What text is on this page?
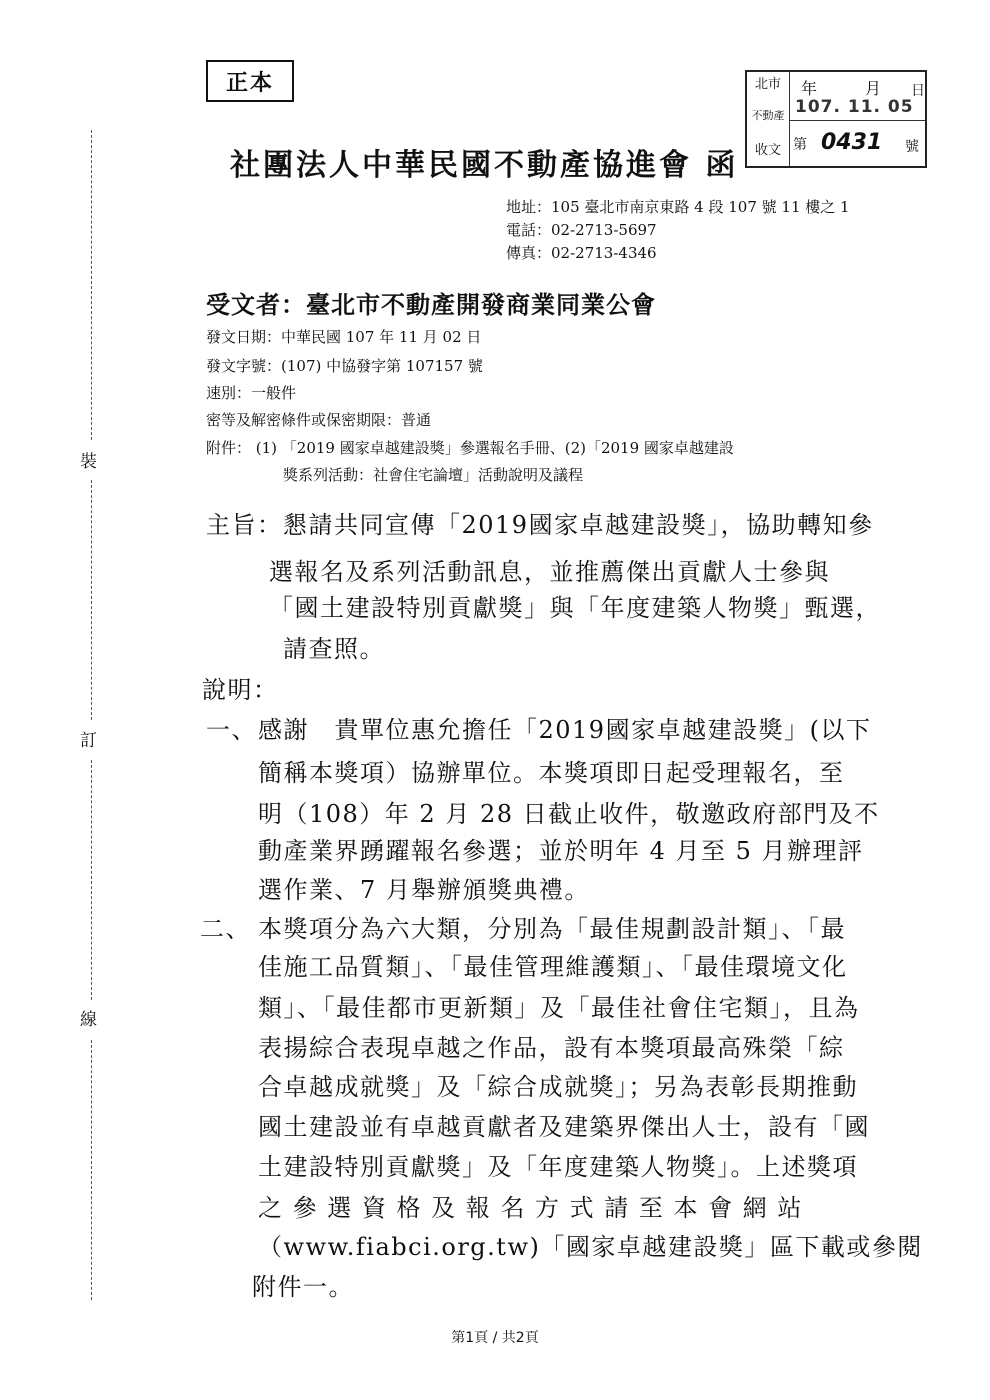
裝
訂
線
正本	北市
不動產
收文
年	月 日
107. 11. 05
第 0431 號
社團法人中華民國不動產協進會 函
地址：105 臺北市南京東路 4 段 107 號 11 樓之 1
電話：02-2713-5697
傳真：02-2713-4346
受文者：臺北市不動產開發商業同業公會
發文日期：中華民國 107 年 11 月 02 日
發文字號：(107) 中協發字第 107157 號
速別：一般件
密等及解密條件或保密期限：普通
附件： (1) 「2019 國家卓越建設獎」參選報名手冊、(2)「2019 國家卓越建設
獎系列活動：社會住宅論壇」活動說明及議程
主旨： 懇請共同宣傳「2019國家卓越建設獎」，協助轉知參
選報名及系列活動訊息，並推薦傑出貢獻人士參與
「國土建設特別貢獻獎」與「年度建築人物獎」甄選，
請查照。
說明：
一、 感謝　貴單位惠允擔任「2019國家卓越建設獎」(以下
簡稱本獎項）協辦單位。本獎項即日起受理報名，至
明（108）年 2 月 28 日截止收件，敬邀政府部門及不
動產業界踴躍報名參選；並於明年 4 月至 5 月辦理評
選作業、7 月舉辦頒獎典禮。
二、 本獎項分為六大類，分別為「最佳規劃設計類」、「最
佳施工品質類」、「最佳管理維護類」、「最佳環境文化
類」、「最佳都市更新類」及「最佳社會住宅類」，且為
表揚綜合表現卓越之作品，設有本獎項最高殊榮「綜
合卓越成就獎」及「綜合成就獎」；另為表彰長期推動
國土建設並有卓越貢獻者及建築界傑出人士，設有「國
土建設特別貢獻獎」及「年度建築人物獎」。上述獎項
之 參 選 資 格 及 報 名 方 式 請 至 本 會 網 站
（www.fiabci.org.tw)「國家卓越建設獎」區下載或參閱
附件一。
第1頁 / 共2頁
